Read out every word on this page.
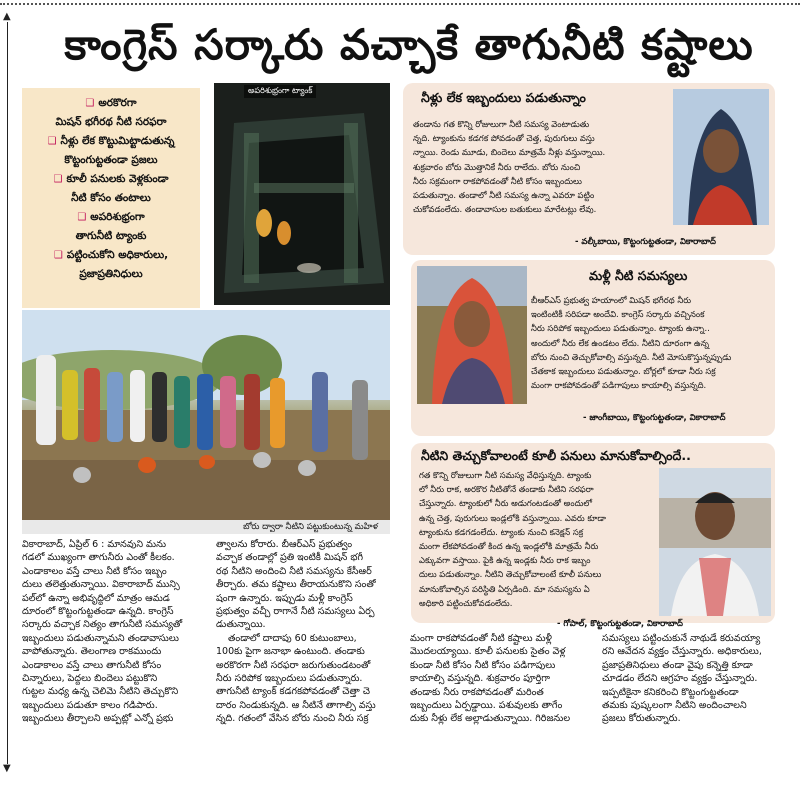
▲
▼
కాంగ్రెస్ సర్కారు వచ్చాకే తాగునీటి కష్టాలు
❑ అరకొరగా
మిషన్ భగీరథ నీటి సరఫరా
❑ నీళ్లు లేక కొట్టుమిట్టాడుతున్న
కొట్టంగుట్టతండా ప్రజలు
❑ కూలీ పనులకు వెళ్లకుండా
నీటి కోసం తంటాలు
❑ అపరిశుభ్రంగా
తాగునీటి ట్యాంకు
❑ పట్టించుకోని అధికారులు,
ప్రజాప్రతినిధులు
అపరిశుభ్రంగా ట్యాంక్
బోరు ద్వారా నీటిని పట్టుకుంటున్న మహిళ
నీళ్లు లేక ఇబ్బందులు పడుతున్నాం
తండాను గత కొన్ని రోజులుగా నీటి సమస్య వెంటాడుతు
న్నది. ట్యాంకును కడగక పోవడంతో చెత్త, పురుగులు వస్తు
న్నాయి. రెండు మూడు, బిందెలు మాత్రమే నీళ్లు వస్తున్నాయి.
శుక్రవారం బోరు మొత్తానికే నీరు రాలేదు. బోరు నుంచి
నీరు సక్రమంగా రాకపోవడంతో నీటి కోసం ఇబ్బందులు
పడుతున్నాం. తండాలో నీటి సమస్య ఉన్నా ఎవరూ పట్టిం
చుకోవడంలేదు. తండావాసుల బతుకులు మారేటట్లు లేవు.
- వల్కీబాయి, కొట్టంగుట్టతండా, వికారాబాద్
మళ్లీ నీటి సమస్యలు
బీఆర్ఎస్ ప్రభుత్వ హయాంలో మిషన్ భగీరథ నీరు
ఇంటింటికీ సరిపడా అందేవి. కాంగ్రెస్ సర్కారు వచ్చినంక
నీరు సరిపోక ఇబ్బందులు పడుతున్నాం. ట్యాంకు ఉన్నా..
అందులో నీరు లేక ఉండటం లేదు. నీటిని దూరంగా ఉన్న
బోరు నుంచి తెచ్చుకోవాల్సి వస్తున్నది. నీటి మోసుకొస్తున్నప్పుడు
చేతకాక ఇబ్బందులు పడుతున్నాం. బోర్లలో కూడా నీరు సక్ర
మంగా రాకపోవడంతో పడిగాపులు కాయాల్సి వస్తున్నది.
- జాంగీబాయి, కొట్టంగుట్టతండా, వికారాబాద్
నీటిని తెచ్చుకోవాలంటే కూలీ పనులు మానుకోవాల్సిందే..
గత కొన్ని రోజులుగా నీటి సమస్య వేధిస్తున్నది. ట్యాంకు
లో నీరు రాక, అరకొర నీటితోనే తండాకు నీటిని సరఫరా
చేస్తున్నారు. ట్యాంకులో నీరు అడుగంటడంతో అందులో
ఉన్న చెత్త, పురుగులు ఇండ్లలోకి వస్తున్నాయి. ఎవరు కూడా
ట్యాంకును కడగడంలేదు. ట్యాంకు నుంచి కనెక్షన్ సక్ర
మంగా లేకపోవడంతో కింద ఉన్న ఇండ్లలోకి మాత్రమే నీరు
ఎక్కువగా వస్తాయి. పైకి ఉన్న ఇండ్లకు నీరు రాక ఇబ్బం
దులు పడుతున్నాం. నీటిని తెచ్చుకోవాలంటే కూలీ పనులు
మానుకోవాల్సిన పరిస్థితి ఏర్పడింది. మా సమస్యను ఏ
అధికారి పట్టించుకోవడంలేదు.
- గోపాల్, కొట్టంగుట్టతండా, వికారాబాద్
వికారాబాద్, ఏప్రిల్ 6 : మానవుని మను
గడలో ముఖ్యంగా తాగునీరు ఎంతో కీలకం.
ఎండాకాలం వస్తే చాలు నీటి కోసం ఇబ్బం
దులు తలెత్తుతున్నాయి. వికారాబాద్ మున్సి
పల్‌లో ఉన్నా అభివృద్ధిలో మాత్రం ఆమడ
దూరంలో కొట్టంగుట్టతండా ఉన్నది. కాంగ్రెస్
సర్కారు వచ్చాక నిత్యం తాగునీటి సమస్యతో
ఇబ్బందులు పడుతున్నామని తండావాసులు
వాపోతున్నారు. తెలంగాణ రాకముందు
ఎండాకాలం వస్తే చాలు తాగునీటి కోసం
చిన్నారులు, పెద్దలు బిందెలు పట్టుకొని
గుట్టల మధ్య ఉన్న చెలిమె నీటిని తెచ్చుకొని
ఇబ్బందులు పడుతూ కాలం గడిపారు.
ఇబ్బందులు తీర్చాలని అప్పట్లో ఎన్నో ప్రభు
త్వాలను కోరారు. బీఆర్ఎస్ ప్రభుత్వం
వచ్చాక తండాల్లో ప్రతి ఇంటికీ మిషన్ భగీ
రథ నీటిని అందించి నీటి సమస్యను కేసీఆర్
తీర్చారు. తమ కష్టాలు తీరాయనుకొని సంతో
షంగా ఉన్నారు. ఇప్పుడు మళ్లీ కాంగ్రెస్
ప్రభుత్వం వచ్చీ రాగానే నీటి సమస్యలు ఏర్ప
డుతున్నాయి.
తండాలో దాదాపు 60 కుటుంబాలు,
100కు పైగా జనాభా ఉంటుంది. తండాకు
అరకొరగా నీటి సరఫరా జరుగుతుండటంతో
నీరు సరిపోక ఇబ్బందులు పడుతున్నారు.
తాగునీటి ట్యాంక్ కడగకపోవడంతో చెత్తా చె
దారం నిండుకున్నది. ఆ నీటినే తాగాల్సి వస్తు
న్నది. గతంలో వేసిన బోరు నుంచి నీరు సక్ర
మంగా రాకపోవడంతో నీటి కష్టాలు మళ్లీ
మొదలయ్యాయి. కూలీ పనులకు సైతం వెళ్ల
కుండా నీటి కోసం నీటి కోసం పడిగాపులు
కాయాల్సి వస్తున్నది. శుక్రవారం పూర్తిగా
తండాకు నీరు రాకపోవడంతో మరింత
ఇబ్బందులు ఏర్పడ్డాయి. పశువులకు తాగేం
దుకు నీళ్లు లేక అల్లాడుతున్నాయి. గిరిజనుల
సమస్యలు పట్టించుకునే నాథుడే కరువయ్యా
రని ఆవేదన వ్యక్తం చేస్తున్నారు. అధికారులు,
ప్రజాప్రతినిధులు తండా వైపు కన్నెత్తి కూడా
చూడడం లేదని ఆగ్రహం వ్యక్తం చేస్తున్నారు.
ఇప్పటికైనా కనికరించి కొట్టంగుట్టతండా
తమకు పుష్కలంగా నీటిని అందించాలని
ప్రజలు కోరుతున్నారు.
